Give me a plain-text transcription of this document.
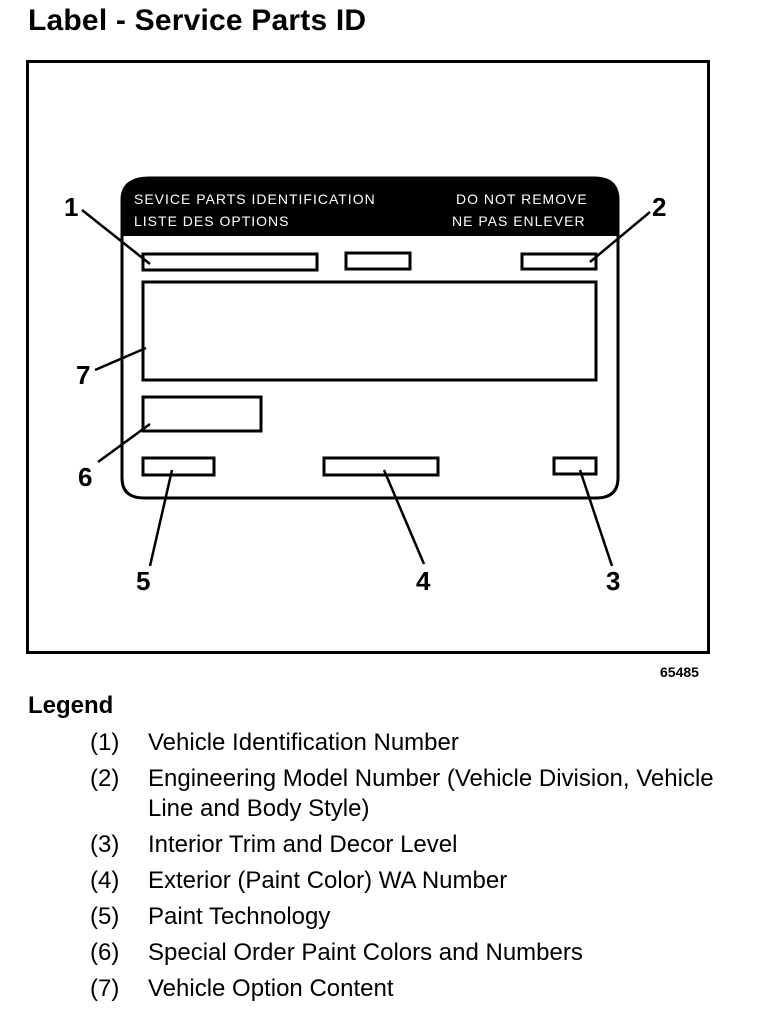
Label - Service Parts ID
SEVICE PARTS IDENTIFICATION
LISTE DES OPTIONS
DO NOT REMOVE
NE PAS ENLEVER
1	2
3
4
5
6
7
65485
Legend
(1)	Vehicle Identification Number
(2)	Engineering Model Number (Vehicle Division, Vehicle Line and Body Style)
(3)	Interior Trim and Decor Level
(4)	Exterior (Paint Color) WA Number
(5)	Paint Technology
(6)	Special Order Paint Colors and Numbers
(7)	Vehicle Option Content
